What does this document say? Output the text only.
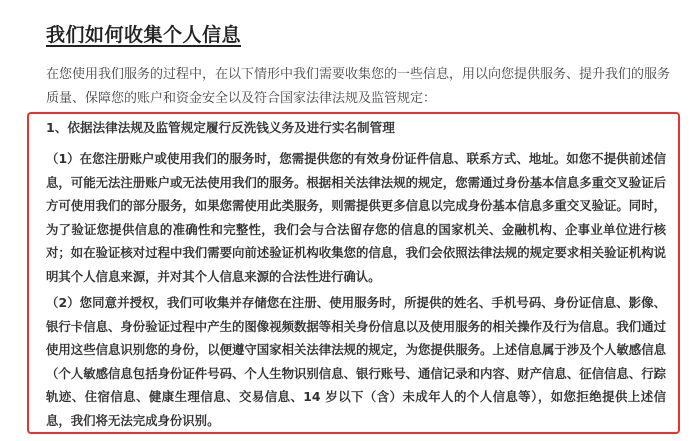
我们如何收集个人信息

在您使用我们服务的过程中，在以下情形中我们需要收集您的一些信息，用以向您提供服务、提升我们的服务质量、保障您的账户和资金安全以及符合国家法律法规及监管规定：

1、依据法律法规及监管规定履行反洗钱义务及进行实名制管理

（1）在您注册账户或使用我们的服务时，您需提供您的有效身份证件信息、联系方式、地址。如您不提供前述信息，可能无法注册账户或无法使用我们的服务。根据相关法律法规的规定，您需通过身份基本信息多重交叉验证后方可使用我们的部分服务，如果您需使用此类服务，则需提供更多信息以完成身份基本信息多重交叉验证。同时，为了验证您提供信息的准确性和完整性，我们会与合法留存您的信息的国家机关、金融机构、企事业单位进行核对；如在验证核对过程中我们需要向前述验证机构收集您的信息，我们会依照法律法规的规定要求相关验证机构说明其个人信息来源，并对其个人信息来源的合法性进行确认。

（2）您同意并授权，我们可收集并存储您在注册、使用服务时，所提供的姓名、手机号码、身份证信息、影像、银行卡信息、身份验证过程中产生的图像视频数据等相关身份信息以及使用服务的相关操作及行为信息。我们通过使用这些信息识别您的身份，以便遵守国家相关法律法规的规定，为您提供服务。上述信息属于涉及个人敏感信息（个人敏感信息包括身份证件号码、个人生物识别信息、银行账号、通信记录和内容、财产信息、征信信息、行踪轨迹、住宿信息、健康生理信息、交易信息、14 岁以下（含）未成年人的个人信息等），如您拒绝提供上述信息，我们将无法完成身份识别。
